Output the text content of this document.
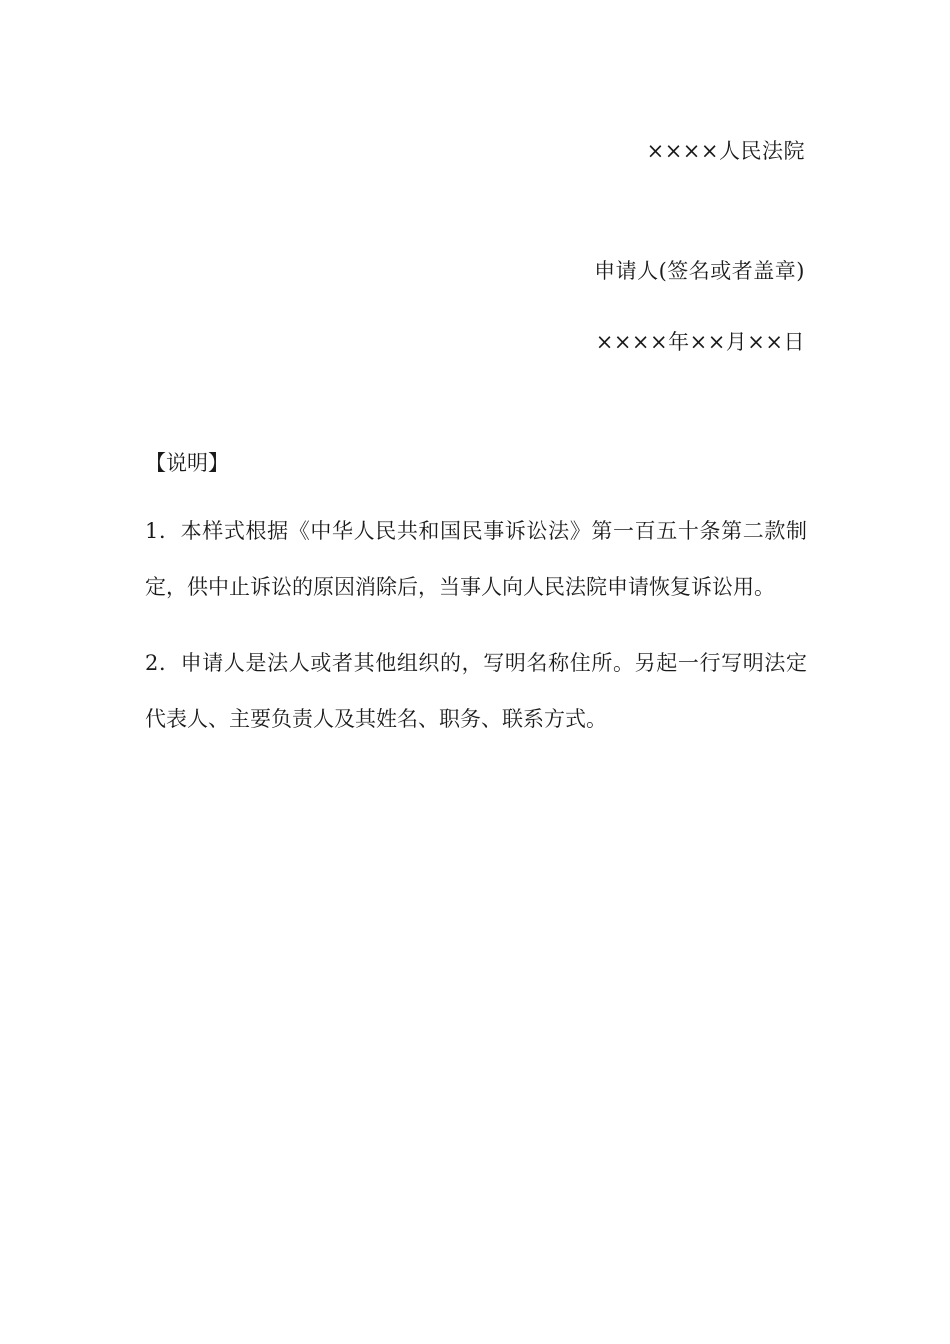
××××人民法院
申请人(签名或者盖章)
××××年××月××日
【说明】

1．本样式根据《中华人民共和国民事诉讼法》第一百五十条第二款制定，供中止诉讼的原因消除后，当事人向人民法院申请恢复诉讼用。

2．申请人是法人或者其他组织的，写明名称住所。另起一行写明法定代表人、主要负责人及其姓名、职务、联系方式。
